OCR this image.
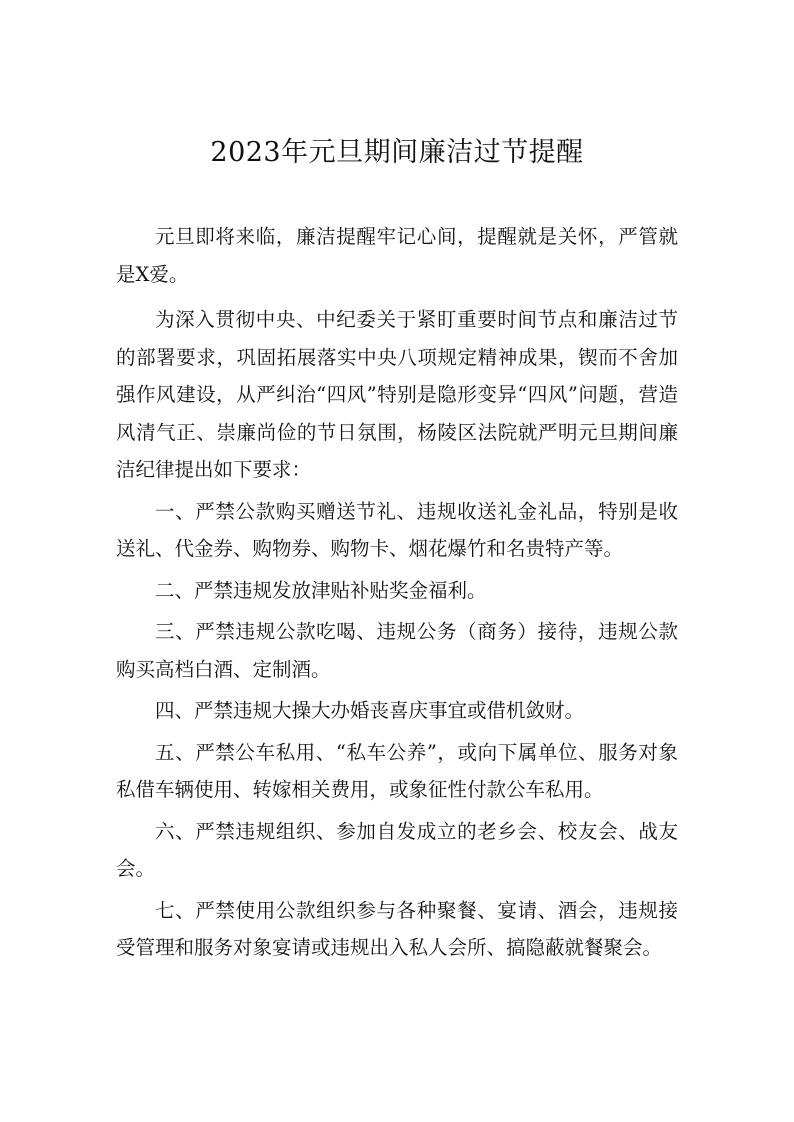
2023年元旦期间廉洁过节提醒

元旦即将来临，廉洁提醒牢记心间，提醒就是关怀，严管就是X爱。

为深入贯彻中央、中纪委关于紧盯重要时间节点和廉洁过节的部署要求，巩固拓展落实中央八项规定精神成果，锲而不舍加强作风建设，从严纠治“四风”特别是隐形变异“四风”问题，营造风清气正、崇廉尚俭的节日氛围，杨陵区法院就严明元旦期间廉洁纪律提出如下要求：

一、严禁公款购买赠送节礼、违规收送礼金礼品，特别是收送礼、代金券、购物券、购物卡、烟花爆竹和名贵特产等。

二、严禁违规发放津贴补贴奖金福利。

三、严禁违规公款吃喝、违规公务（商务）接待，违规公款购买高档白酒、定制酒。

四、严禁违规大操大办婚丧喜庆事宜或借机敛财。

五、严禁公车私用、“私车公养”，或向下属单位、服务对象私借车辆使用、转嫁相关费用，或象征性付款公车私用。

六、严禁违规组织、参加自发成立的老乡会、校友会、战友会。

七、严禁使用公款组织参与各种聚餐、宴请、酒会，违规接受管理和服务对象宴请或违规出入私人会所、搞隐蔽就餐聚会。
